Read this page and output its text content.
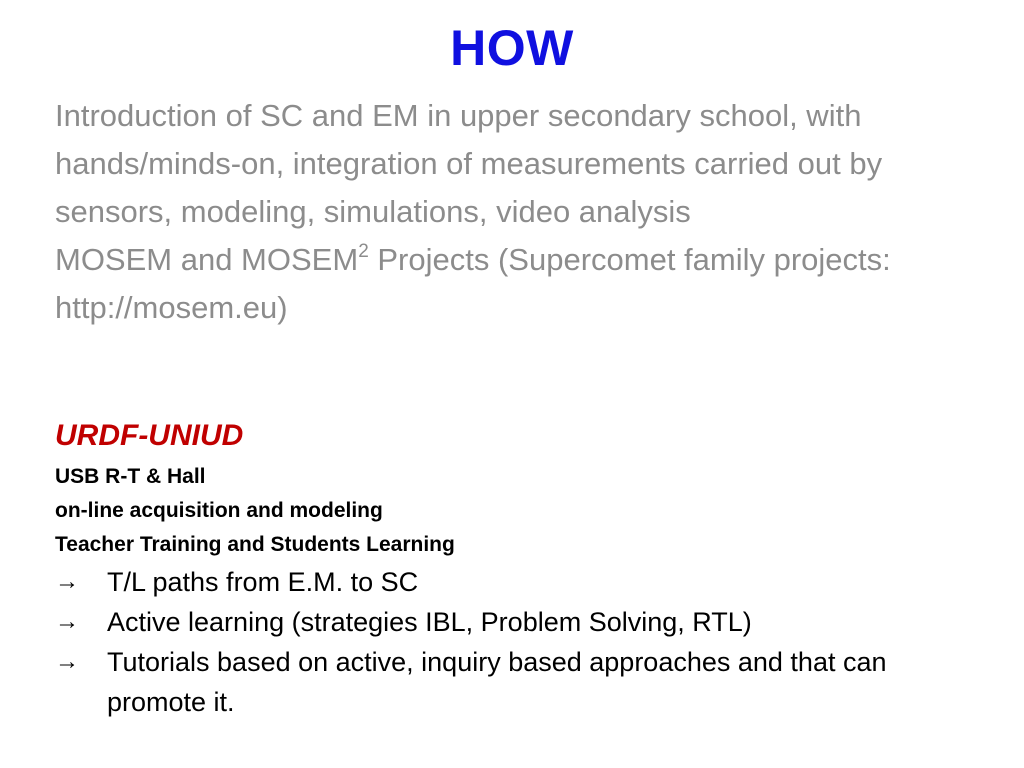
HOW

Introduction of SC and EM in upper secondary school, with hands/minds-on, integration of measurements carried out by sensors, modeling, simulations, video analysis

MOSEM and MOSEM$^2$ Projects (Supercomet family projects: http://mosem.eu)

URDF-UNIUD

USB R-T & Hall

on-line acquisition and modeling

Teacher Training and Students Learning

→	T/L paths from E.M. to SC
→	Active learning (strategies IBL, Problem Solving, RTL)
→	Tutorials based on active, inquiry based approaches and that can promote it.
